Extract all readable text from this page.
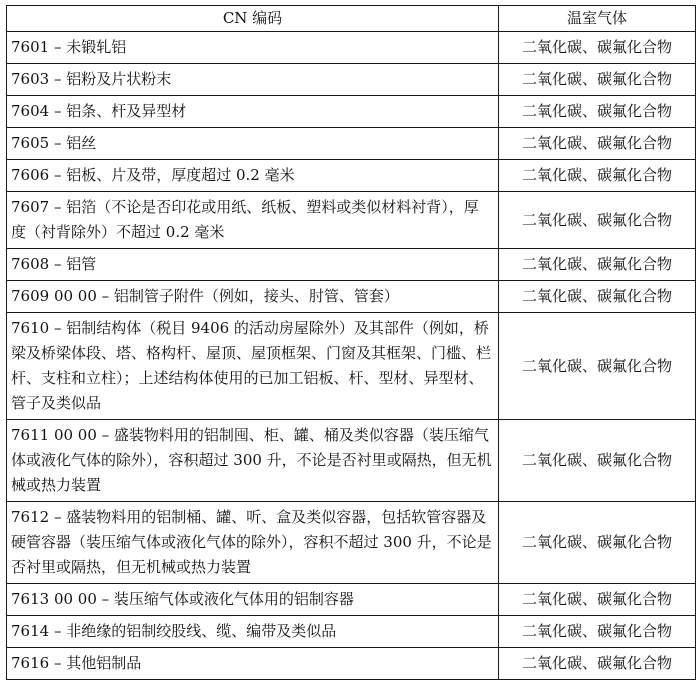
CN 编码	温室气体
7601 – 未锻轧铝	二氧化碳、碳氟化合物
7603 – 铝粉及片状粉末	二氧化碳、碳氟化合物
7604 – 铝条、杆及异型材	二氧化碳、碳氟化合物
7605 – 铝丝	二氧化碳、碳氟化合物
7606 – 铝板、片及带，厚度超过 0.2 毫米	二氧化碳、碳氟化合物
7607 – 铝箔（不论是否印花或用纸、纸板、塑料或类似材料衬背），厚度（衬背除外）不超过 0.2 毫米	二氧化碳、碳氟化合物
7608 – 铝管	二氧化碳、碳氟化合物
7609 00 00 – 铝制管子附件（例如，接头、肘管、管套）	二氧化碳、碳氟化合物
7610 – 铝制结构体（税目 9406 的活动房屋除外）及其部件（例如，桥梁及桥梁体段、塔、格构杆、屋顶、屋顶框架、门窗及其框架、门槛、栏杆、支柱和立柱）；上述结构体使用的已加工铝板、杆、型材、异型材、管子及类似品	二氧化碳、碳氟化合物
7611 00 00 – 盛装物料用的铝制囤、柜、罐、桶及类似容器（装压缩气体或液化气体的除外），容积超过 300 升，不论是否衬里或隔热，但无机械或热力装置	二氧化碳、碳氟化合物
7612 – 盛装物料用的铝制桶、罐、听、盒及类似容器，包括软管容器及硬管容器（装压缩气体或液化气体的除外），容积不超过 300 升，不论是否衬里或隔热，但无机械或热力装置	二氧化碳、碳氟化合物
7613 00 00 – 装压缩气体或液化气体用的铝制容器	二氧化碳、碳氟化合物
7614 – 非绝缘的铝制绞股线、缆、编带及类似品	二氧化碳、碳氟化合物
7616 – 其他铝制品	二氧化碳、碳氟化合物
